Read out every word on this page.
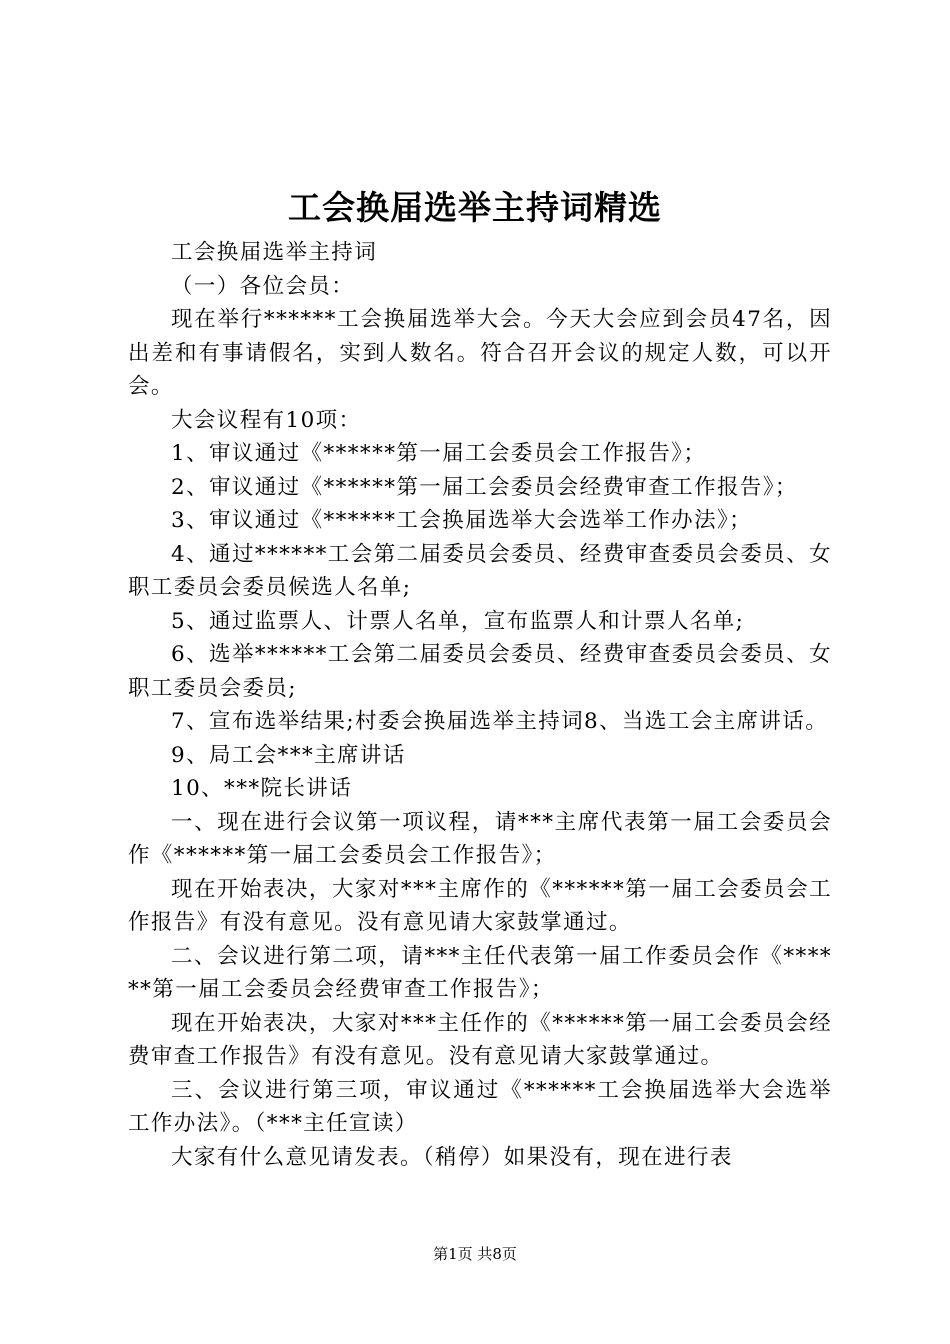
工会换届选举主持词精选

工会换届选举主持词

（一）各位会员：

现在举行******工会换届选举大会。今天大会应到会员47名，因出差和有事请假名，实到人数名。符合召开会议的规定人数，可以开会。

大会议程有10项：

1、审议通过《******第一届工会委员会工作报告》；

2、审议通过《******第一届工会委员会经费审查工作报告》；

3、审议通过《******工会换届选举大会选举工作办法》；

4、通过******工会第二届委员会委员、经费审查委员会委员、女职工委员会委员候选人名单;

5、通过监票人、计票人名单，宣布监票人和计票人名单;

6、选举******工会第二届委员会委员、经费审查委员会委员、女职工委员会委员;

7、宣布选举结果;村委会换届选举主持词8、当选工会主席讲话。

9、局工会***主席讲话

10、***院长讲话

一、现在进行会议第一项议程，请***主席代表第一届工会委员会作《******第一届工会委员会工作报告》；

现在开始表决，大家对***主席作的《******第一届工会委员会工作报告》有没有意见。没有意见请大家鼓掌通过。

二、会议进行第二项，请***主任代表第一届工作委员会作《******第一届工会委员会经费审查工作报告》；

现在开始表决，大家对***主任作的《******第一届工会委员会经费审查工作报告》有没有意见。没有意见请大家鼓掌通过。

三、会议进行第三项，审议通过《******工会换届选举大会选举工作办法》。（***主任宣读）

大家有什么意见请发表。（稍停）如果没有，现在进行表

第1页 共8页
